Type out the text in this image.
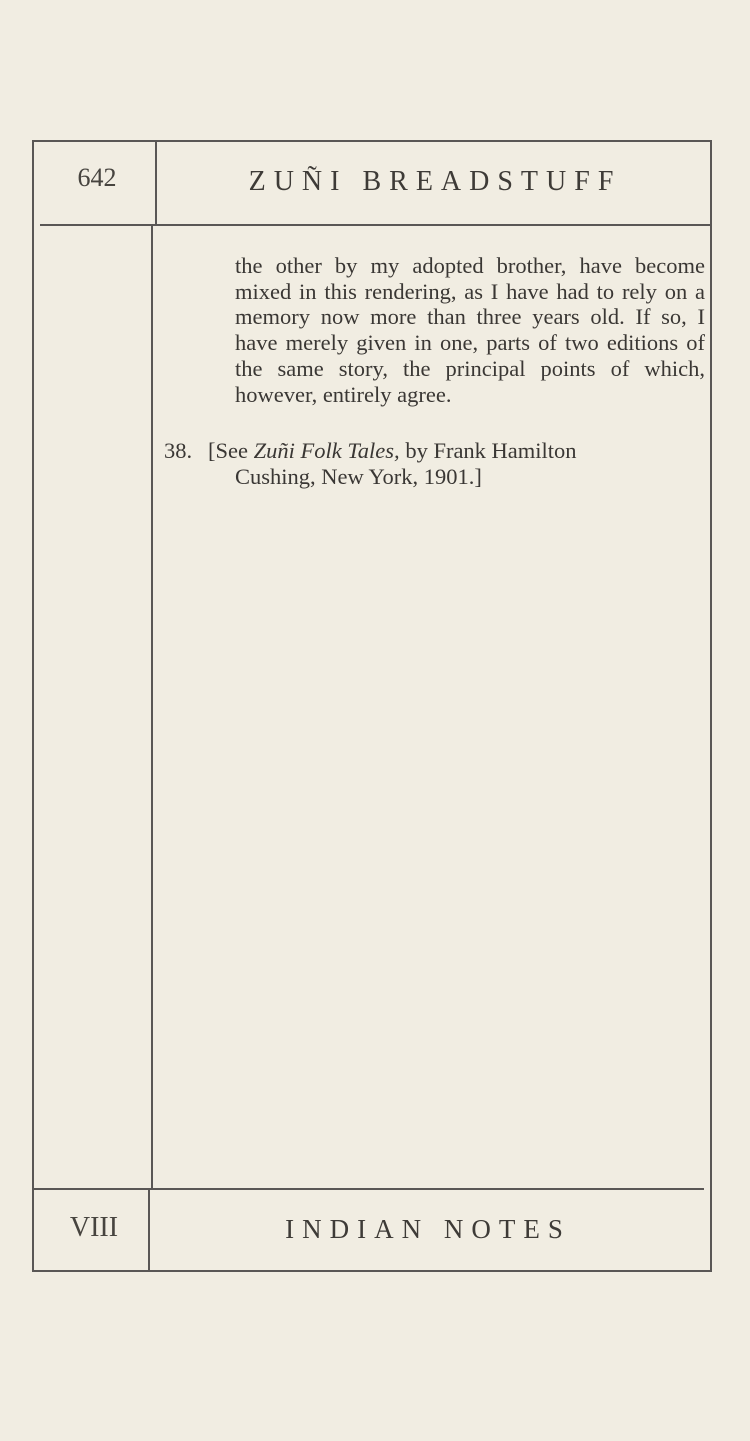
642	ZUÑI BREADSTUFF

the other by my adopted brother, have become mixed in this rendering, as I have had to rely on a memory now more than three years old. If so, I have merely given in one, parts of two editions of the same story, the principal points of which, however, entirely agree.

38. [See Zuñi Folk Tales, by Frank Hamilton
Cushing, New York, 1901.]
VIII	INDIAN NOTES
